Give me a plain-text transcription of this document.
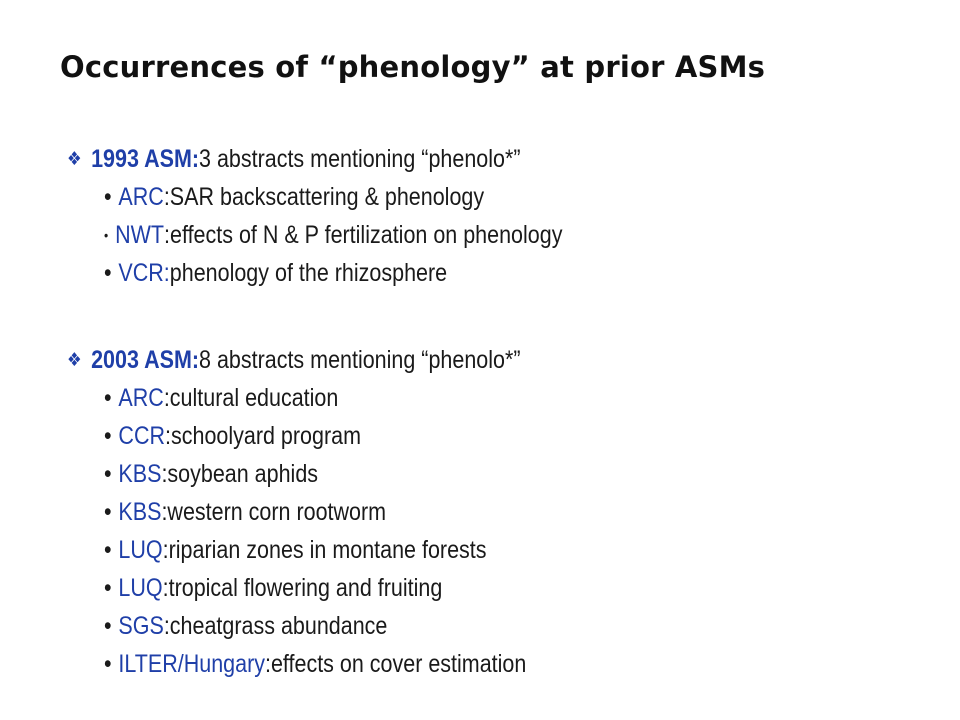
Occurrences of “phenology” at prior ASMs
❖ 1993 ASM: 3 abstracts mentioning “phenolo*”
• ARC : SAR backscattering & phenology
• NWT : effects of N & P fertilization on phenology
• VCR: phenology of the rhizosphere
❖ 2003 ASM: 8 abstracts mentioning “phenolo*”
• ARC : cultural education
• CCR : schoolyard program
• KBS : soybean aphids
• KBS : western corn rootworm
• LUQ : riparian zones in montane forests
• LUQ : tropical flowering and fruiting
• SGS : cheatgrass abundance
• ILTER/Hungary : effects on cover estimation
